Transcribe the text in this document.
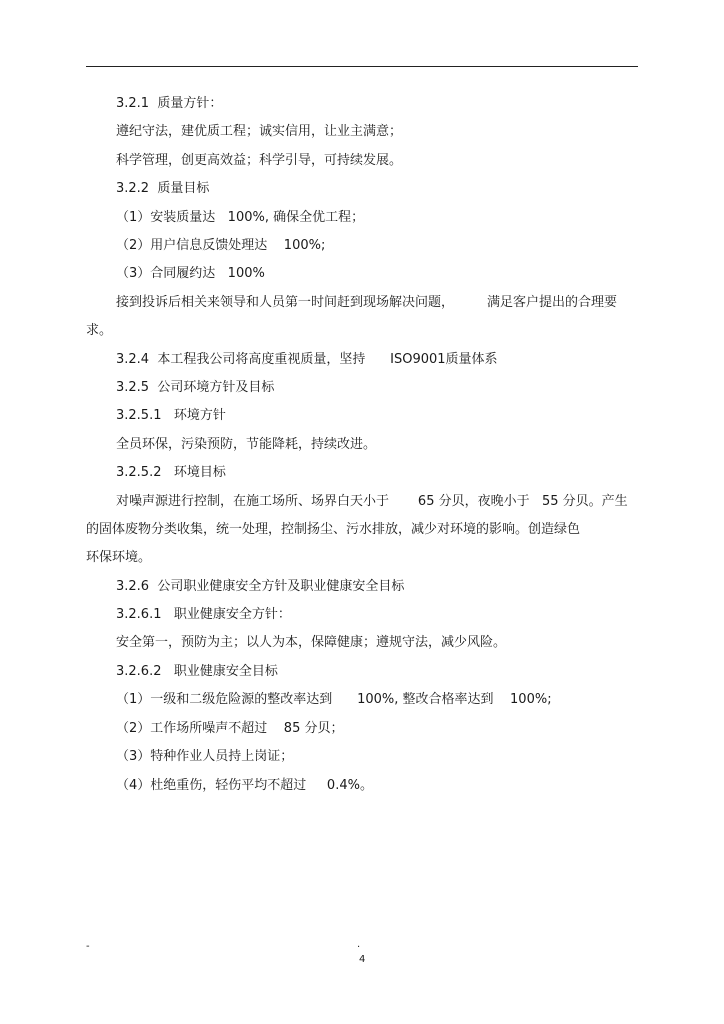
3.2.1  质量方针：
遵纪守法，建优质工程；诚实信用，让业主满意；
科学管理，创更高效益；科学引导，可持续发展。
3.2.2  质量目标
（1）安装质量达   100%, 确保全优工程；
（2）用户信息反馈处理达    100%;
（3）合同履约达   100%
接到投诉后相关来领导和人员第一时间赶到现场解决问题，        满足客户提出的合理要
求。
3.2.4  本工程我公司将高度重视质量，坚持      ISO9001质量体系
3.2.5  公司环境方针及目标
3.2.5.1   环境方针
全员环保，污染预防，节能降耗，持续改进。
3.2.5.2   环境目标
对噪声源进行控制，在施工场所、场界白天小于       65 分贝，夜晚小于   55 分贝。产生
的固体废物分类收集，统一处理，控制扬尘、污水排放，减少对环境的影响。创造绿色
环保环境。
3.2.6  公司职业健康安全方针及职业健康安全目标
3.2.6.1   职业健康安全方针：
安全第一，预防为主；以人为本，保障健康；遵规守法，减少风险。
3.2.6.2   职业健康安全目标
（1）一级和二级危险源的整改率达到      100%, 整改合格率达到    100%;
（2）工作场所噪声不超过    85 分贝；
（3）特种作业人员持上岗证；
（4）杜绝重伤，轻伤平均不超过     0.4%。
-	.
4
